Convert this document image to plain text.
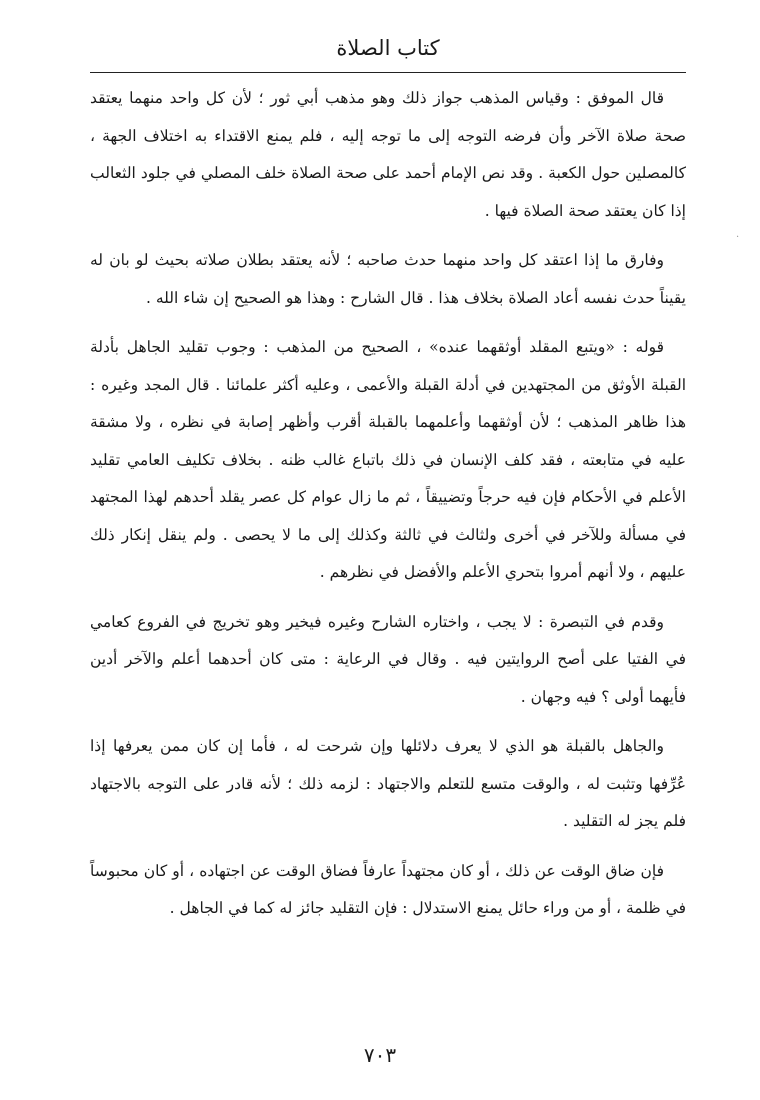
كتاب الصلاة

قال الموفق : وقياس المذهب جواز ذلك وهو مذهب أبي ثور ؛ لأن كل واحد منهما يعتقد صحة صلاة الآخر وأن فرضه التوجه إلى ما توجه إليه ، فلم يمنع الاقتداء به اختلاف الجهة ، كالمصلين حول الكعبة . وقد نص الإمام أحمد على صحة الصلاة خلف المصلي في جلود الثعالب إذا كان يعتقد صحة الصلاة فيها .

وفارق ما إذا اعتقد كل واحد منهما حدث صاحبه ؛ لأنه يعتقد بطلان صلاته بحيث لو بان له يقيناً حدث نفسه أعاد الصلاة بخلاف هذا . قال الشارح : وهذا هو الصحيح إن شاء الله .

قوله : «ويتبع المقلد أوثقهما عنده» ، الصحيح من المذهب : وجوب تقليد الجاهل بأدلة القبلة الأوثق من المجتهدين في أدلة القبلة والأعمى ، وعليه أكثر علمائنا . قال المجد وغيره : هذا ظاهر المذهب ؛ لأن أوثقهما وأعلمهما بالقبلة أقرب وأظهر إصابة في نظره ، ولا مشقة عليه في متابعته ، فقد كلف الإنسان في ذلك باتباع غالب ظنه . بخلاف تكليف العامي تقليد الأعلم في الأحكام فإن فيه حرجاً وتضييقاً ، ثم ما زال عوام كل عصر يقلد أحدهم لهذا المجتهد في مسألة وللآخر في أخرى ولثالث في ثالثة وكذلك إلى ما لا يحصى . ولم ينقل إنكار ذلك عليهم ، ولا أنهم أمروا بتحري الأعلم والأفضل في نظرهم .

وقدم في التبصرة : لا يجب ، واختاره الشارح وغيره فيخير وهو تخريج في الفروع كعامي في الفتيا على أصح الروايتين فيه . وقال في الرعاية : متى كان أحدهما أعلم والآخر أدين فأيهما أولى ؟ فيه وجهان .

والجاهل بالقبلة هو الذي لا يعرف دلائلها وإن شرحت له ، فأما إن كان ممن يعرفها إذا عُرِّفها وتثبت له ، والوقت متسع للتعلم والاجتهاد : لزمه ذلك ؛ لأنه قادر على التوجه بالاجتهاد فلم يجز له التقليد .

فإن ضاق الوقت عن ذلك ، أو كان مجتهداً عارفاً فضاق الوقت عن اجتهاده ، أو كان محبوساً في ظلمة ، أو من وراء حائل يمنع الاستدلال : فإن التقليد جائز له كما في الجاهل .

·
٧٠٣
